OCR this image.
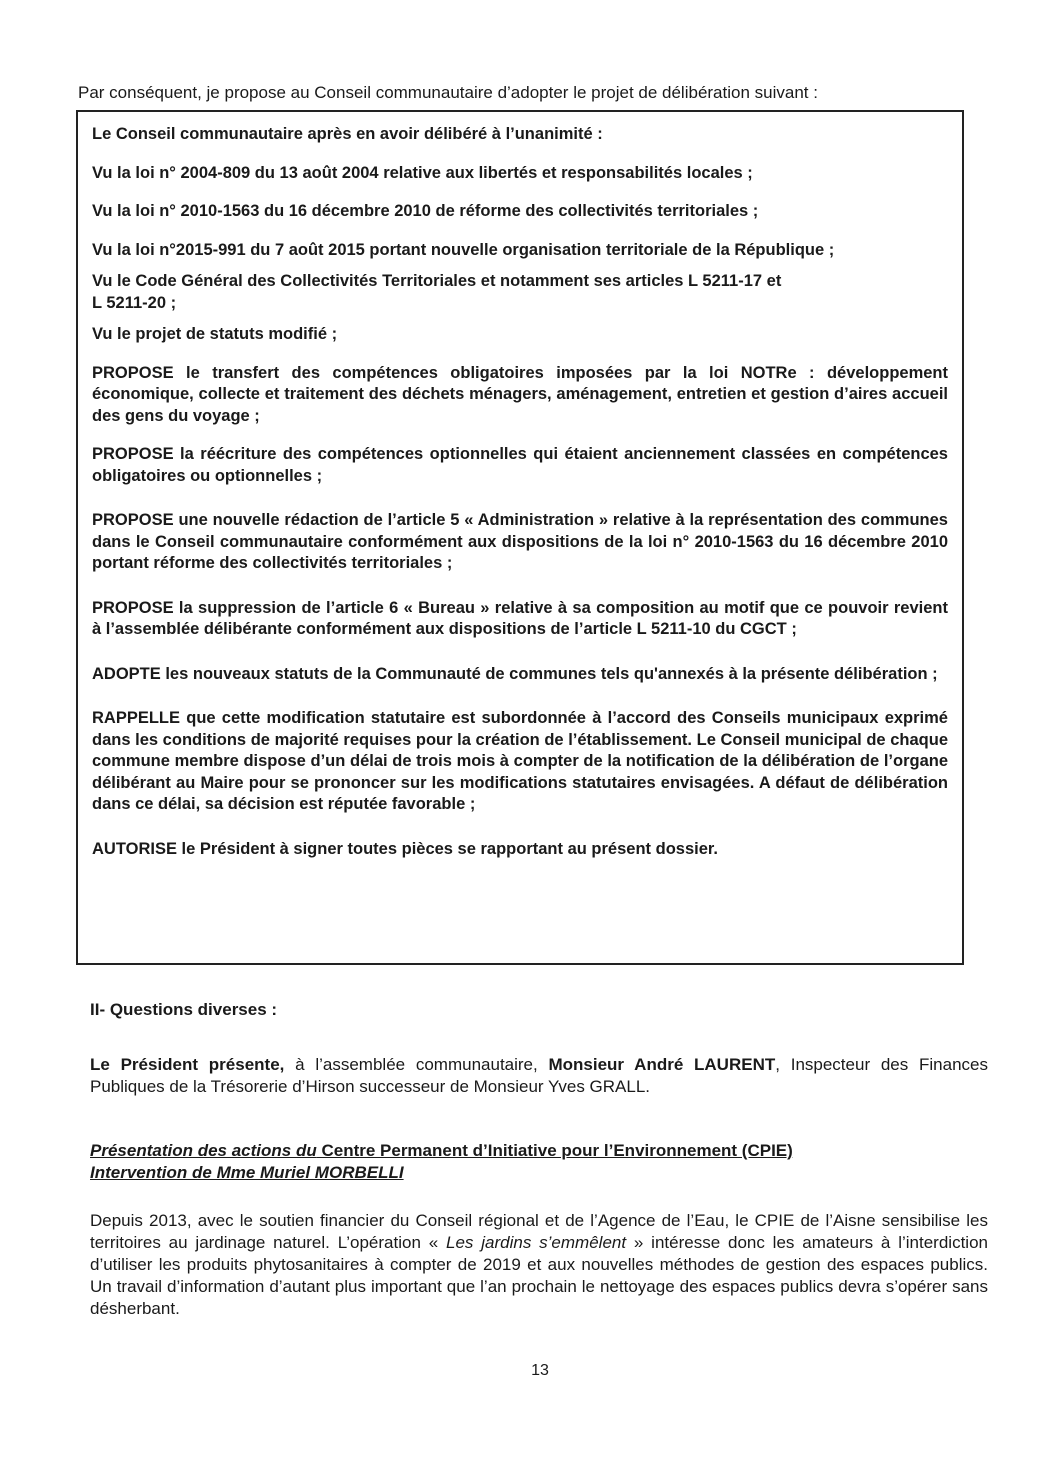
Par conséquent, je propose au Conseil communautaire d’adopter le projet de délibération suivant :

Le Conseil communautaire après en avoir délibéré à l’unanimité :

Vu la loi n° 2004-809 du 13 août 2004 relative aux libertés et responsabilités locales ;

Vu la loi n° 2010-1563 du 16 décembre 2010 de réforme des collectivités territoriales ;

Vu la loi n°2015-991 du 7 août 2015 portant nouvelle organisation territoriale de la République ;

Vu le Code Général des Collectivités Territoriales et notamment ses articles L 5211-17 et
L 5211-20 ;

Vu le projet de statuts modifié ;

PROPOSE le transfert des compétences obligatoires imposées par la loi NOTRe : développement économique, collecte et traitement des déchets ménagers, aménagement, entretien et gestion d’aires accueil des gens du voyage ;

PROPOSE la réécriture des compétences optionnelles qui étaient anciennement classées en compétences obligatoires ou optionnelles ;

PROPOSE une nouvelle rédaction de l’article 5 « Administration » relative à la représentation des communes dans le Conseil communautaire conformément aux dispositions de la loi n° 2010-1563 du 16 décembre 2010 portant réforme des collectivités territoriales ;

PROPOSE la suppression de l’article 6 « Bureau » relative à sa composition au motif que ce pouvoir revient à l’assemblée délibérante conformément aux dispositions de l’article L 5211-10 du CGCT ;

ADOPTE les nouveaux statuts de la Communauté de communes tels qu'annexés à la présente délibération ;

RAPPELLE que cette modification statutaire est subordonnée à l’accord des Conseils municipaux exprimé dans les conditions de majorité requises pour la création de l’établissement. Le Conseil municipal de chaque commune membre dispose d’un délai de trois mois à compter de la notification de la délibération de l’organe délibérant au Maire pour se prononcer sur les modifications statutaires envisagées. A défaut de délibération dans ce délai, sa décision est réputée favorable ;

AUTORISE le Président à signer toutes pièces se rapportant au présent dossier.

II- Questions diverses :
Le Président présente, à l’assemblée communautaire, Monsieur André LAURENT, Inspecteur des Finances Publiques de la Trésorerie d’Hirson successeur de Monsieur Yves GRALL.
Présentation des actions du Centre Permanent d’Initiative pour l’Environnement (CPIE)
Intervention de Mme Muriel MORBELLI
Depuis 2013, avec le soutien financier du Conseil régional et de l’Agence de l’Eau, le CPIE de l’Aisne sensibilise les territoires au jardinage naturel. L’opération « Les jardins s’emmêlent » intéresse donc les amateurs à l’interdiction d’utiliser les produits phytosanitaires à compter de 2019 et aux nouvelles méthodes de gestion des espaces publics. Un travail d’information d’autant plus important que l’an prochain le nettoyage des espaces publics devra s’opérer sans désherbant.
13
